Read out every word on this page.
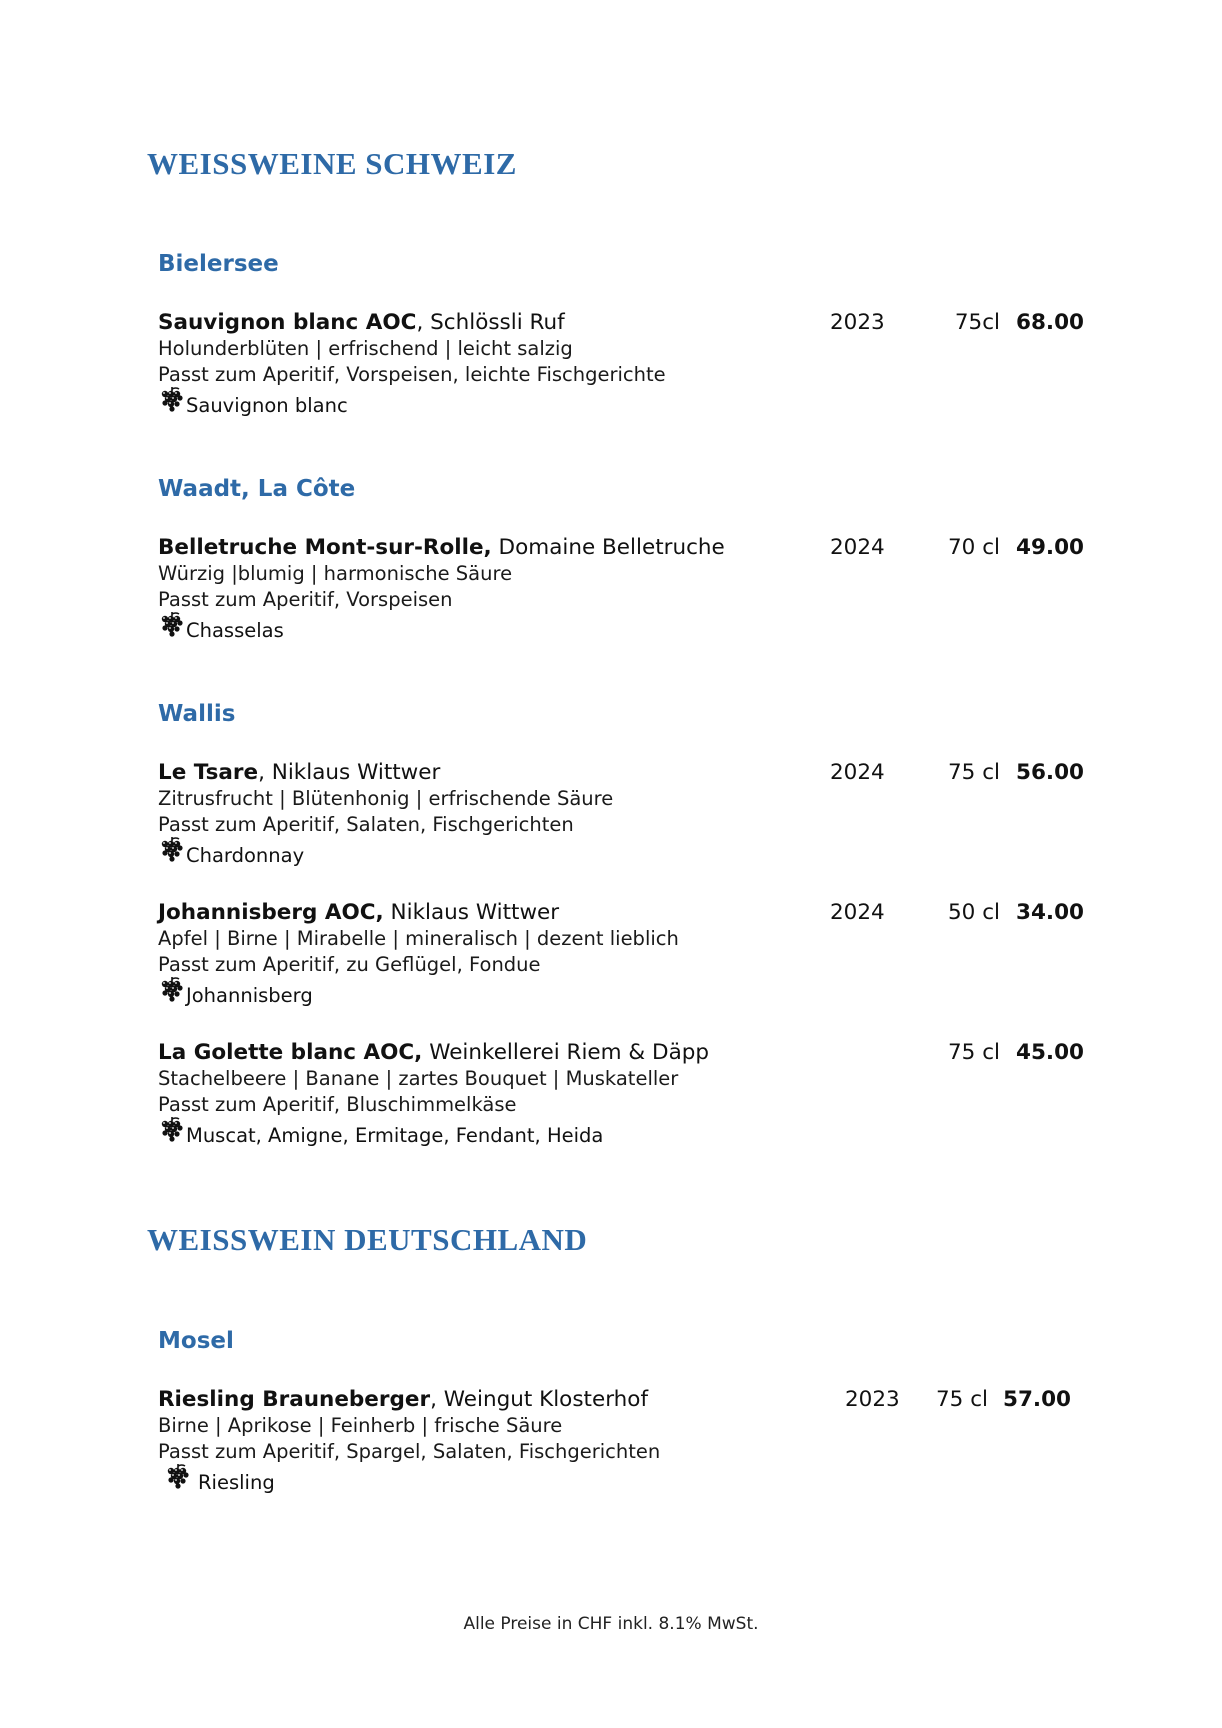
WEISSWEINE SCHWEIZ
Bielersee
Sauvignon blanc AOC, Schlössli Ruf
Holunderblüten | erfrischend | leicht salzig
Passt zum Aperitif, Vorspeisen, leichte Fischgerichte
Sauvignon blanc
2023	75cl 68.00
Waadt, La Côte
Belletruche Mont-sur-Rolle, Domaine Belletruche
Würzig |blumig | harmonische Säure
Passt zum Aperitif, Vorspeisen
Chasselas
2024	70 cl 49.00
Wallis
Le Tsare, Niklaus Wittwer
Zitrusfrucht | Blütenhonig | erfrischende Säure
Passt zum Aperitif, Salaten, Fischgerichten
Chardonnay
2024	75 cl 56.00
Johannisberg AOC, Niklaus Wittwer
Apfel | Birne | Mirabelle | mineralisch | dezent lieblich
Passt zum Aperitif, zu Geflügel, Fondue
Johannisberg
2024	50 cl 34.00
La Golette blanc AOC, Weinkellerei Riem & Däpp
Stachelbeere | Banane | zartes Bouquet | Muskateller
Passt zum Aperitif, Bluschimmelkäse
Muscat, Amigne, Ermitage, Fendant, Heida
75 cl 45.00
WEISSWEIN DEUTSCHLAND
Mosel
Riesling Brauneberger, Weingut Klosterhof
Birne | Aprikose | Feinherb | frische Säure
Passt zum Aperitif, Spargel, Salaten, Fischgerichten
Riesling
2023 75 cl 57.00
Alle Preise in CHF inkl. 8.1% MwSt.
